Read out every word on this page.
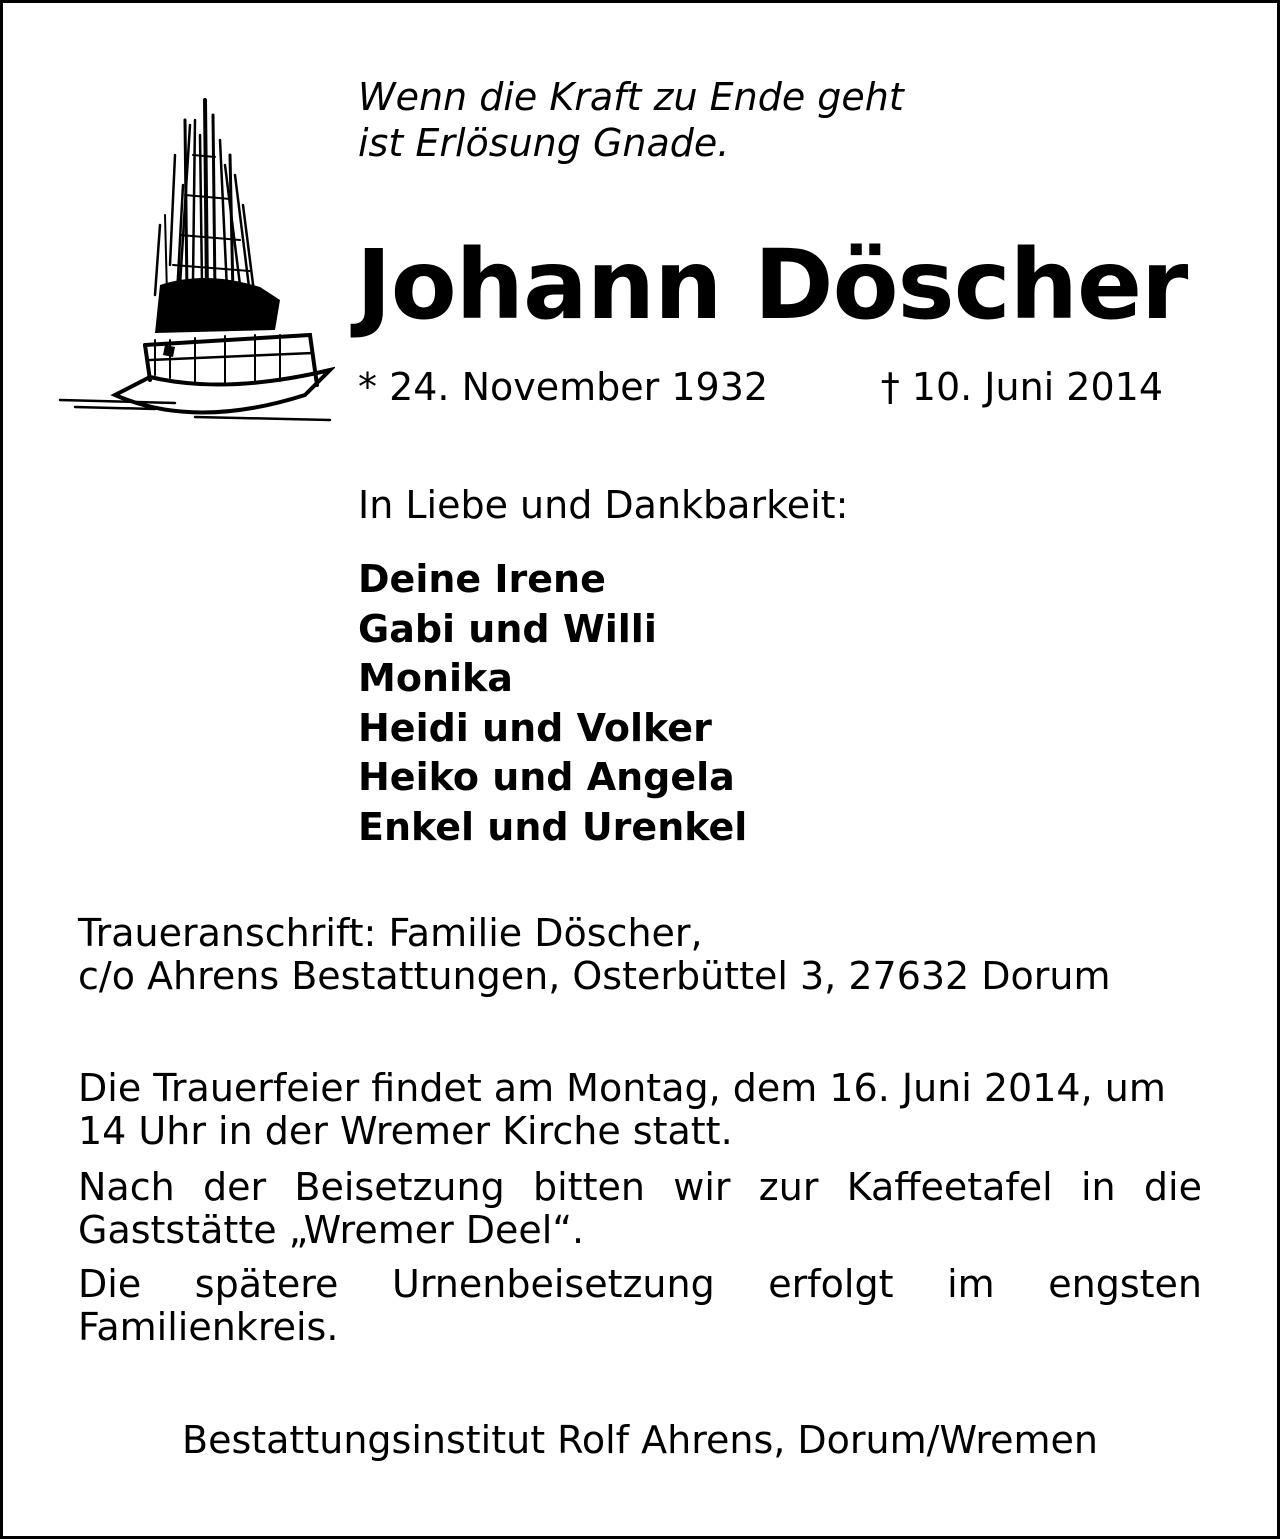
Wenn die Kraft zu Ende geht
ist Erlösung Gnade.
Johann Döscher
* 24. November 1932	† 10. Juni 2014
In Liebe und Dankbarkeit:
Deine Irene
Gabi und Willi
Monika
Heidi und Volker
Heiko und Angela
Enkel und Urenkel
Traueranschrift: Familie Döscher,
c/o Ahrens Bestattungen, Osterbüttel 3, 27632 Dorum
Die Trauerfeier findet am Montag, dem 16. Juni 2014, um 14 Uhr in der Wremer Kirche statt.
Nach der Beisetzung bitten wir zur Kaffeetafel in die Gaststätte „Wremer Deel“.
Die spätere Urnenbeisetzung erfolgt im engsten Familienkreis.
Bestattungsinstitut Rolf Ahrens, Dorum/Wremen
